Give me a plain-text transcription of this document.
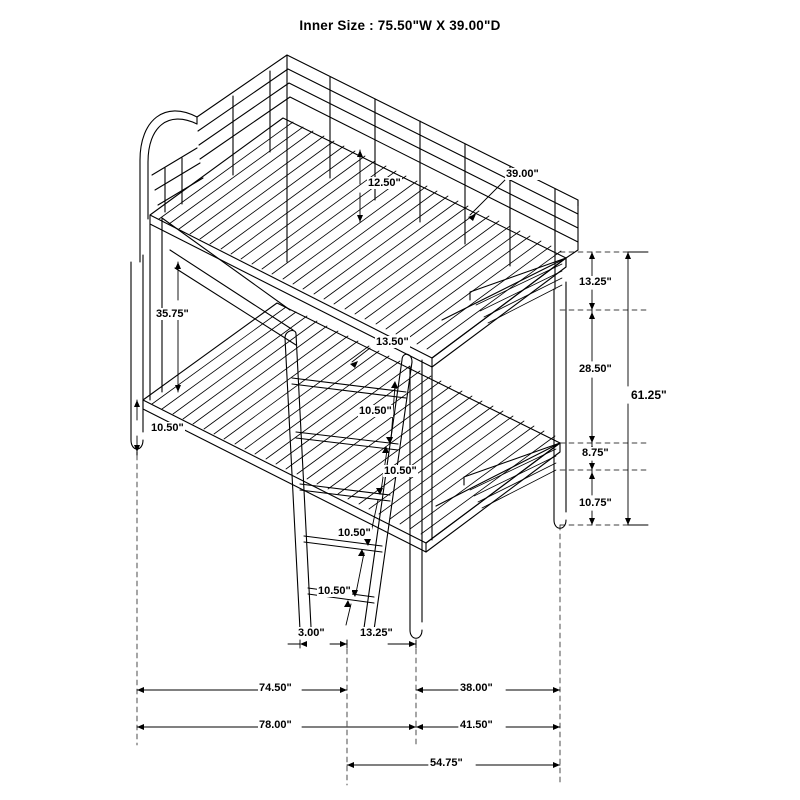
Inner Size : 75.50"W X 39.00"D
12.50"
39.00"
35.75"
13.25"
13.50"
28.50"
61.25"
10.50"
10.50"
10.50"
8.75"
10.75"
10.50"
10.50"
3.00"	13.25"
74.50"	38.00"
78.00"	41.50"
54.75"
